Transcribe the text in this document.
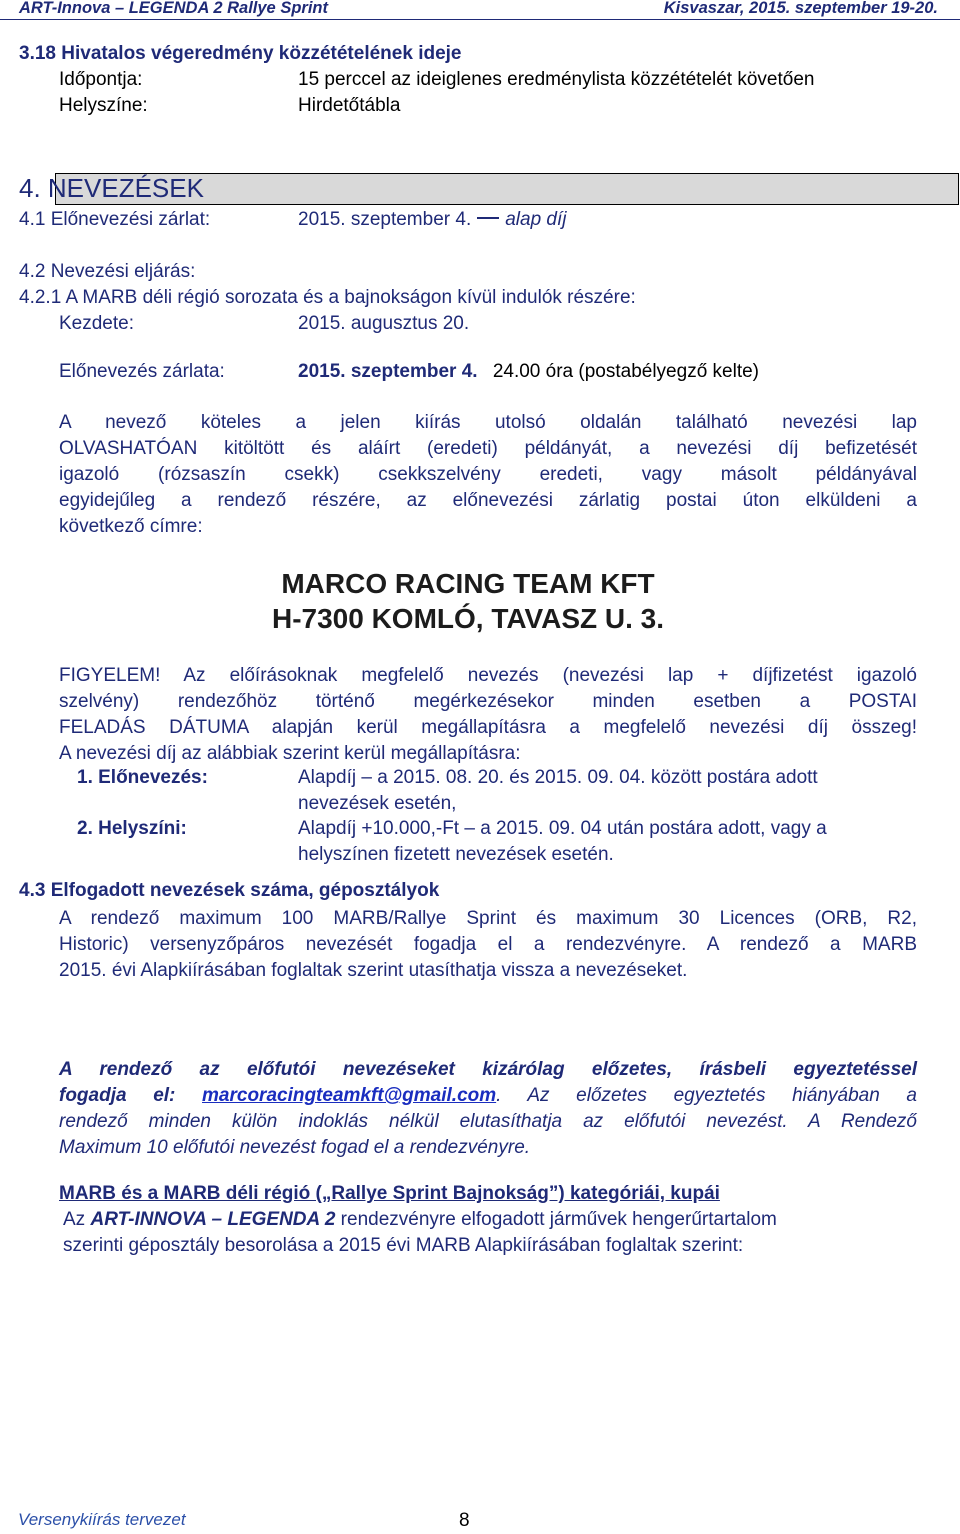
ART-Innova – LEGENDA 2 Rallye Sprint	Kisvaszar, 2015. szeptember 19-20.
3.18 Hivatalos végeredmény közzétételének ideje
Időpontja:	15 perccel az ideiglenes eredménylista közzétételét követően
Helyszíne:	Hirdetőtábla
4. NEVEZÉSEK
4.1 Előnevezési zárlat:	2015. szeptember 4. alap díj
4.2 Nevezési eljárás:
4.2.1 A MARB déli régió sorozata és a bajnokságon kívül indulók részére:
Kezdete:	2015. augusztus 20.
Előnevezés zárlata:	2015. szeptember 4. 24.00 óra (postabélyegző kelte)
A nevező köteles a jelen kiírás utolsó oldalán található nevezési lap
OLVASHATÓAN kitöltött és aláírt (eredeti) példányát, a nevezési díj befizetését
igazoló (rózsaszín csekk) csekkszelvény eredeti, vagy másolt példányával
egyidejűleg a rendező részére, az előnevezési zárlatig postai úton elküldeni a
következő címre:
MARCO RACING TEAM KFT
H-7300 KOMLÓ, TAVASZ U. 3.
FIGYELEM! Az előírásoknak megfelelő nevezés (nevezési lap + díjfizetést igazoló
szelvény) rendezőhöz történő megérkezésekor minden esetben a POSTAI
FELADÁS DÁTUMA alapján kerül megállapításra a megfelelő nevezési díj összeg!
A nevezési díj az alábbiak szerint kerül megállapításra:
1. Előnevezés:	Alapdíj – a 2015. 08. 20. és 2015. 09. 04. között postára adott
nevezések esetén,
2. Helyszíni:	Alapdíj +10.000,-Ft – a 2015. 09. 04 után postára adott, vagy a
helyszínen fizetett nevezések esetén.
4.3 Elfogadott nevezések száma, géposztályok
A rendező maximum 100 MARB/Rallye Sprint és maximum 30 Licences (ORB, R2,
Historic) versenyzőpáros nevezését fogadja el a rendezvényre. A rendező a MARB
2015. évi Alapkiírásában foglaltak szerint utasíthatja vissza a nevezéseket.
A rendező az előfutói nevezéseket kizárólag előzetes, írásbeli egyeztetéssel
fogadja el: marcoracingteamkft@gmail.com. Az előzetes egyeztetés hiányában a
rendező minden külön indoklás nélkül elutasíthatja az előfutói nevezést. A Rendező
Maximum 10 előfutói nevezést fogad el a rendezvényre.
MARB és a MARB déli régió („Rallye Sprint Bajnokság”) kategóriái, kupái
Az ART-INNOVA – LEGENDA 2 rendezvényre elfogadott járművek hengerűrtartalom
szerinti géposztály besorolása a 2015 évi MARB Alapkiírásában foglaltak szerint:
Versenykiírás tervezet	8
